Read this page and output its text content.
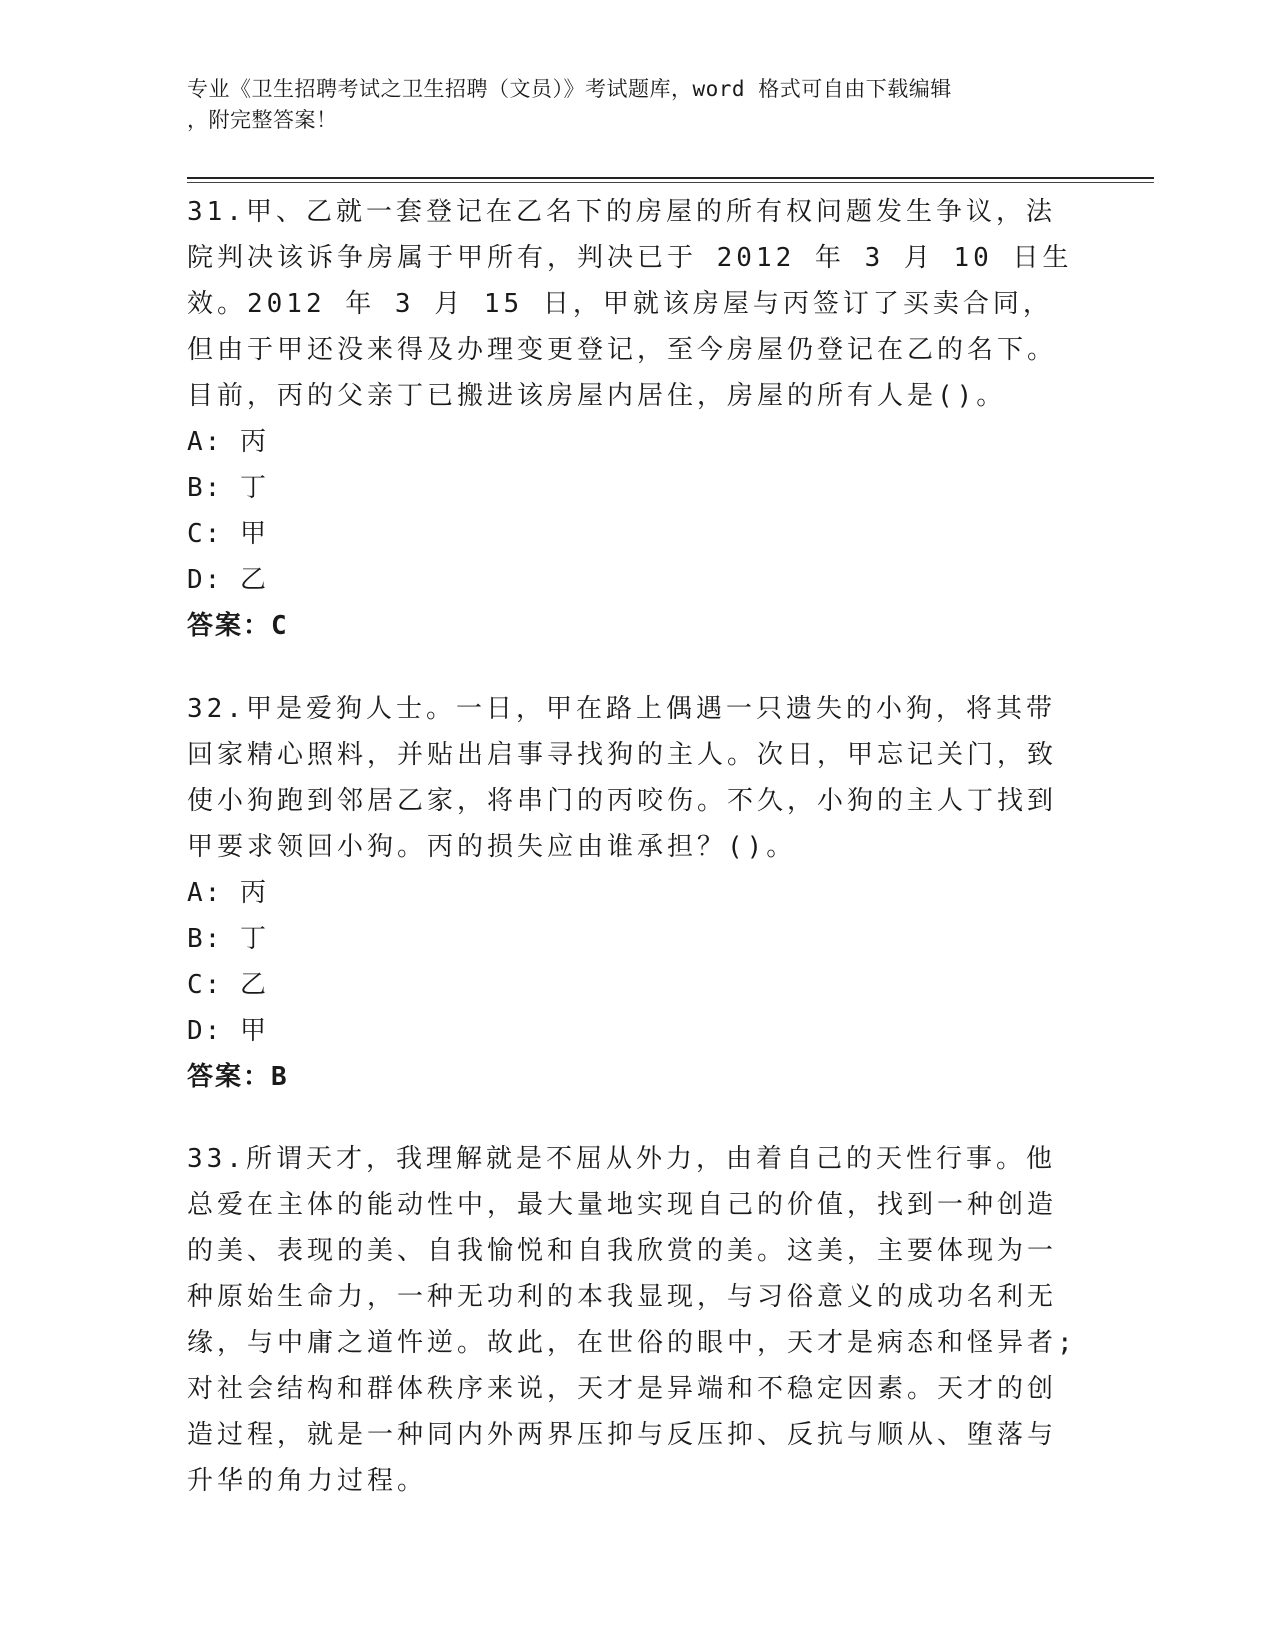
专业《卫生招聘考试之卫生招聘（文员）》考试题库，word 格式可自由下载编辑
，附完整答案！

31.甲、乙就一套登记在乙名下的房屋的所有权问题发生争议，法院判决该诉争房属于甲所有，判决已于 2012 年 3 月 10 日生效。2012 年 3 月 15 日，甲就该房屋与丙签订了买卖合同，但由于甲还没来得及办理变更登记，至今房屋仍登记在乙的名下。目前，丙的父亲丁已搬进该房屋内居住，房屋的所有人是()。

A: 丙

B: 丁

C: 甲

D: 乙

答案：C

32.甲是爱狗人士。一日，甲在路上偶遇一只遗失的小狗，将其带回家精心照料，并贴出启事寻找狗的主人。次日，甲忘记关门，致使小狗跑到邻居乙家，将串门的丙咬伤。不久，小狗的主人丁找到甲要求领回小狗。丙的损失应由谁承担？()。

A: 丙

B: 丁

C: 乙

D: 甲

答案：B

33.所谓天才，我理解就是不屈从外力，由着自己的天性行事。他总爱在主体的能动性中，最大量地实现自己的价值，找到一种创造的美、表现的美、自我愉悦和自我欣赏的美。这美，主要体现为一种原始生命力，一种无功利的本我显现，与习俗意义的成功名利无缘，与中庸之道忤逆。故此，在世俗的眼中，天才是病态和怪异者;对社会结构和群体秩序来说，天才是异端和不稳定因素。天才的创造过程，就是一种同内外两界压抑与反压抑、反抗与顺从、堕落与升华的角力过程。
